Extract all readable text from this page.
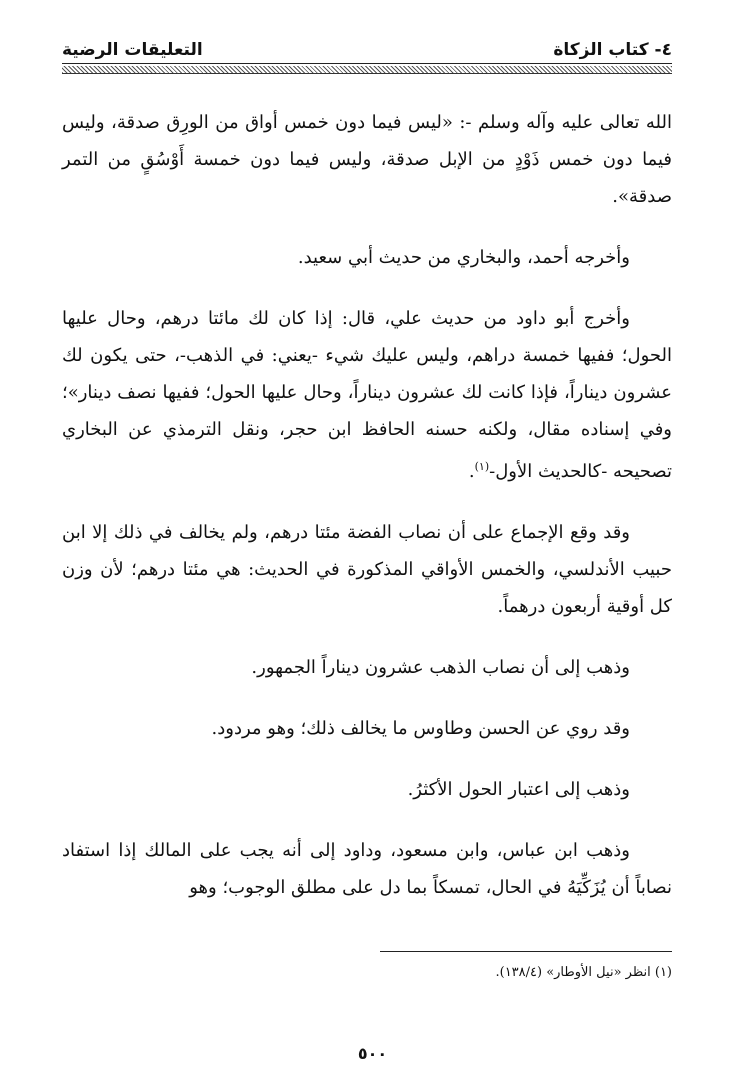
٤- كتاب الزكاة
التعليقات الرضية

الله تعالى عليه وآله وسلم -: «ليس فيما دون خمس أواق من الورِق صدقة، وليس فيما دون خمس ذَوْدٍ من الإبل صدقة، وليس فيما دون خمسة أَوْسُقٍ من التمر صدقة».

وأخرجه أحمد، والبخاري من حديث أبي سعيد.

وأخرج أبو داود من حديث علي، قال: إذا كان لك مائتا درهم، وحال عليها الحول؛ ففيها خمسة دراهم، وليس عليك شيء -يعني: في الذهب-، حتى يكون لك عشرون ديناراً، فإذا كانت لك عشرون ديناراً، وحال عليها الحول؛ ففيها نصف دينار»؛ وفي إسناده مقال، ولكنه حسنه الحافظ ابن حجر، ونقل الترمذي عن البخاري تصحيحه -كالحديث الأول-$^{(١)}$.

وقد وقع الإجماع على أن نصاب الفضة مئتا درهم، ولم يخالف في ذلك إلا ابن حبيب الأندلسي، والخمس الأواقي المذكورة في الحديث: هي مئتا درهم؛ لأن وزن كل أوقية أربعون درهماً.

وذهب إلى أن نصاب الذهب عشرون ديناراً الجمهور.

وقد روي عن الحسن وطاوس ما يخالف ذلك؛ وهو مردود.

وذهب إلى اعتبار الحول الأكثرُ.

وذهب ابن عباس، وابن مسعود، وداود إلى أنه يجب على المالك إذا استفاد نصاباً أن يُزَكِّيَهُ في الحال، تمسكاً بما دل على مطلق الوجوب؛ وهو

(١) انظر «نيل الأوطار» (١٣٨/٤).
٥٠٠
